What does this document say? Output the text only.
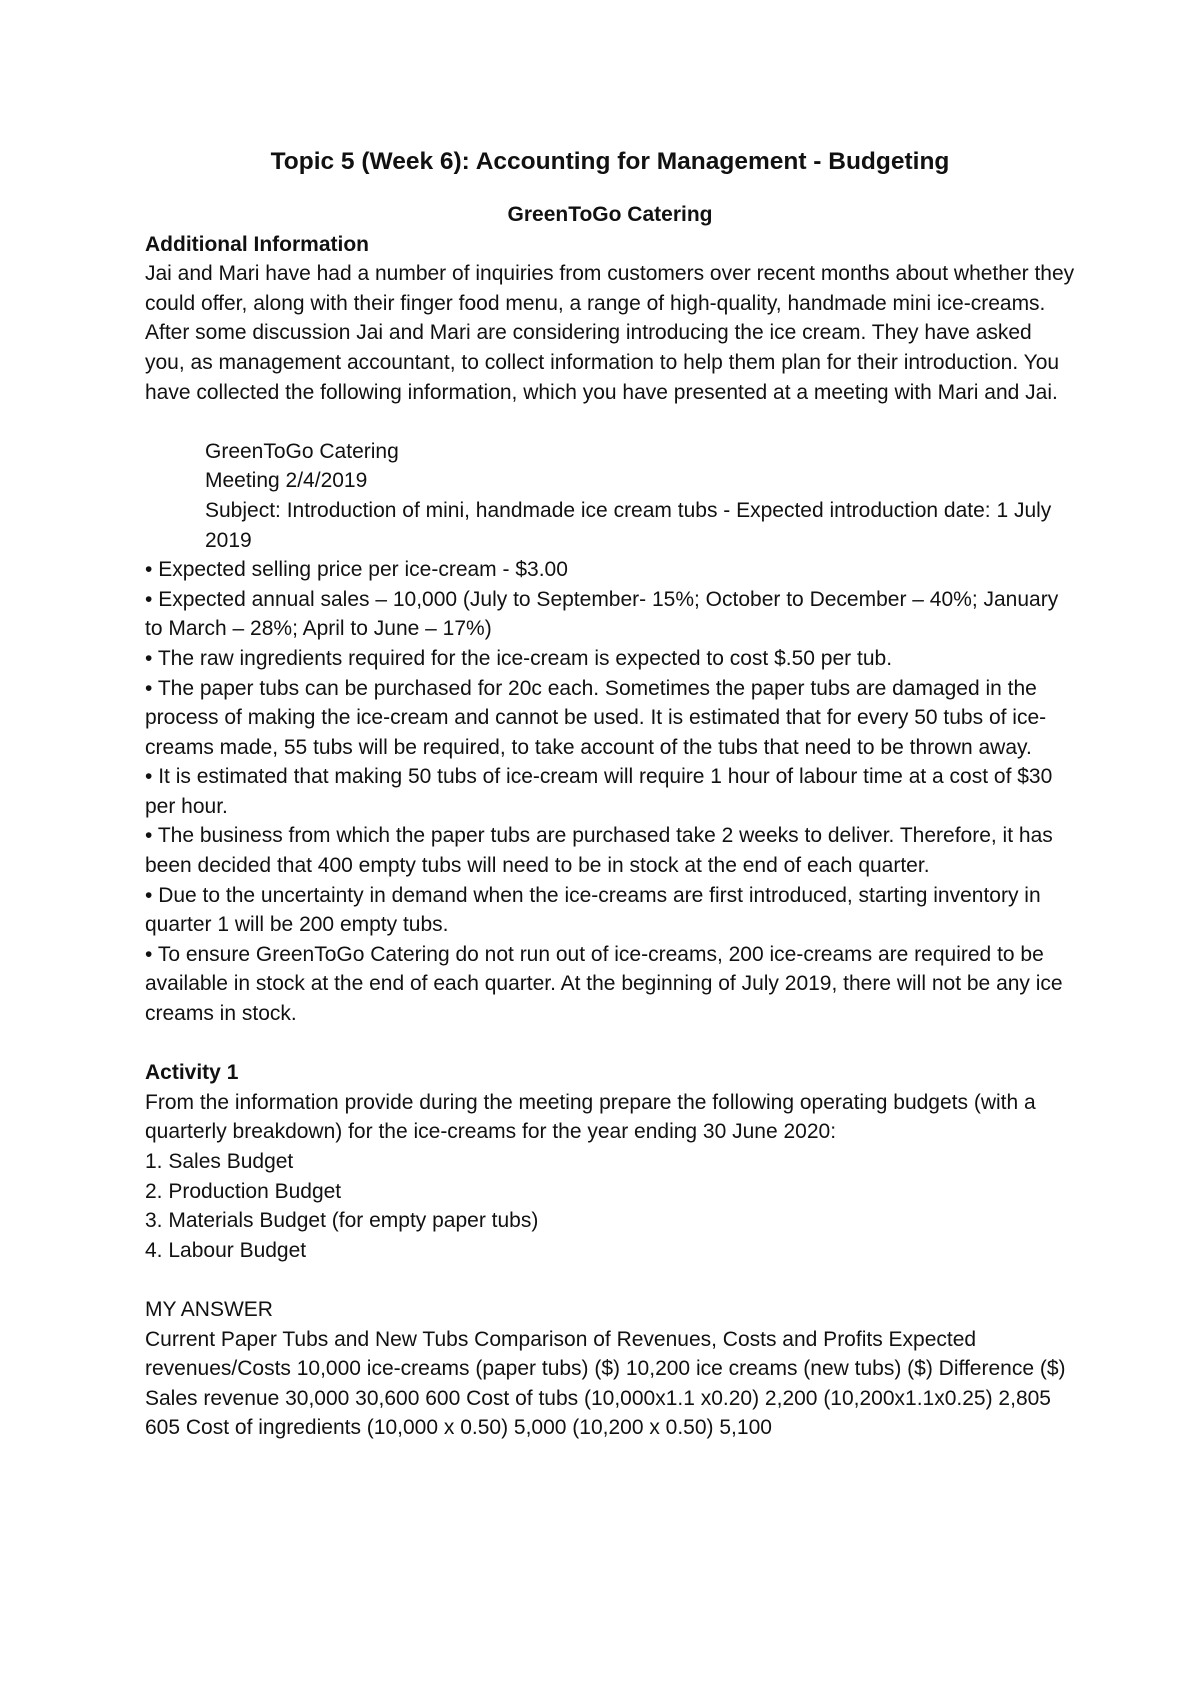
Topic 5 (Week 6): Accounting for Management - Budgeting

GreenToGo Catering

Additional Information

Jai and Mari have had a number of inquiries from customers over recent months about whether they could offer, along with their finger food menu, a range of high-quality, handmade mini ice-creams. After some discussion Jai and Mari are considering introducing the ice cream. They have asked you, as management accountant, to collect information to help them plan for their introduction. You have collected the following information, which you have presented at a meeting with Mari and Jai.

GreenToGo Catering

Meeting 2/4/2019

Subject: Introduction of mini, handmade ice cream tubs - Expected introduction date: 1 July 2019

• Expected selling price per ice-cream - $3.00

• Expected annual sales – 10,000 (July to September- 15%; October to December – 40%; January to March – 28%; April to June – 17%)

• The raw ingredients required for the ice-cream is expected to cost $.50 per tub.

• The paper tubs can be purchased for 20c each. Sometimes the paper tubs are damaged in the process of making the ice-cream and cannot be used. It is estimated that for every 50 tubs of ice-creams made, 55 tubs will be required, to take account of the tubs that need to be thrown away.

• It is estimated that making 50 tubs of ice-cream will require 1 hour of labour time at a cost of $30 per hour.

• The business from which the paper tubs are purchased take 2 weeks to deliver. Therefore, it has been decided that 400 empty tubs will need to be in stock at the end of each quarter.

• Due to the uncertainty in demand when the ice-creams are first introduced, starting inventory in quarter 1 will be 200 empty tubs.

• To ensure GreenToGo Catering do not run out of ice-creams, 200 ice-creams are required to be available in stock at the end of each quarter. At the beginning of July 2019, there will not be any ice creams in stock.

Activity 1

From the information provide during the meeting prepare the following operating budgets (with a quarterly breakdown) for the ice-creams for the year ending 30 June 2020:

1. Sales Budget

2. Production Budget

3. Materials Budget (for empty paper tubs)

4. Labour Budget

MY ANSWER

Current Paper Tubs and New Tubs Comparison of Revenues, Costs and Profits Expected revenues/Costs 10,000 ice-creams (paper tubs) ($) 10,200 ice creams (new tubs) ($) Difference ($) Sales revenue 30,000 30,600 600 Cost of tubs (10,000x1.1 x0.20) 2,200 (10,200x1.1x0.25) 2,805 605 Cost of ingredients (10,000 x 0.50) 5,000 (10,200 x 0.50) 5,100
